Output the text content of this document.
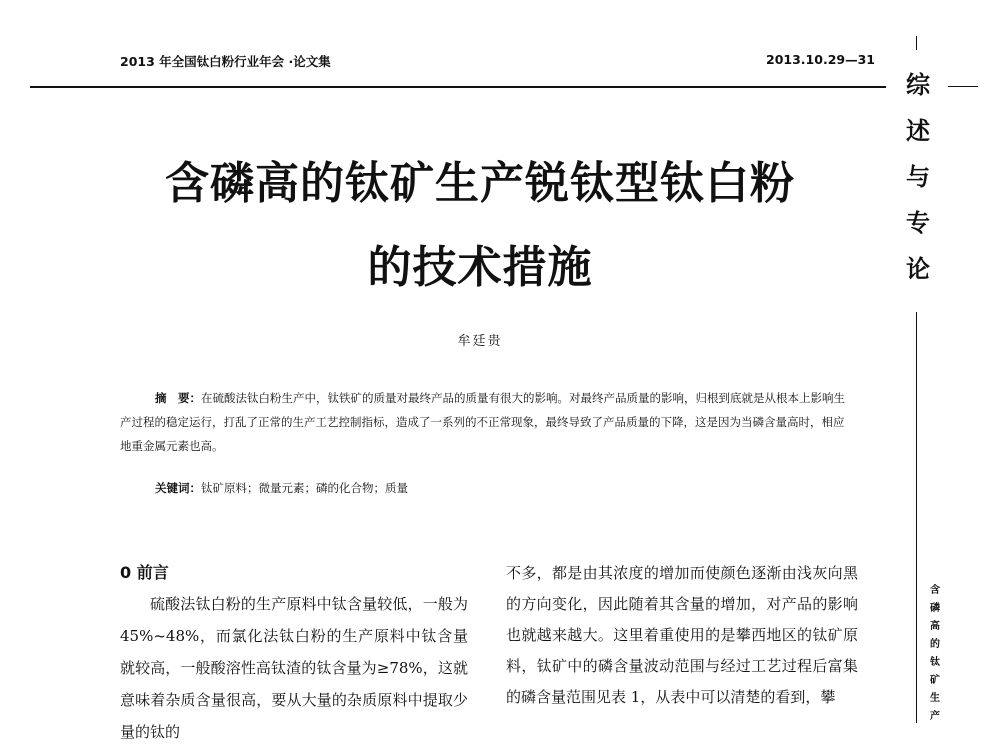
2013 年全国钛白粉行业年会 ·论文集	2013.10.29—31
综
述
与
专
论
含
磷
高
的
钛
矿
生
产
含磷高的钛矿生产锐钛型钛白粉
的技术措施
牟廷贵
摘　要：在硫酸法钛白粉生产中，钛铁矿的质量对最终产品的质量有很大的影响。对最终产品质量的影响，归根到底就是从根本上影响生产过程的稳定运行，打乱了正常的生产工艺控制指标，造成了一系列的不正常现象，最终导致了产品质量的下降，这是因为当磷含量高时，相应地重金属元素也高。
关键词：钛矿原料；微量元素；磷的化合物；质量
0 前言

硫酸法钛白粉的生产原料中钛含量较低，一般为 45%~48%，而氯化法钛白粉的生产原料中钛含量就较高，一般酸溶性高钛渣的钛含量为≥78%，这就意味着杂质含量很高，要从大量的杂质原料中提取少量的钛的

不多，都是由其浓度的增加而使颜色逐渐由浅灰向黑的方向变化，因此随着其含量的增加，对产品的影响也就越来越大。这里着重使用的是攀西地区的钛矿原料，钛矿中的磷含量波动范围与经过工艺过程后富集的磷含量范围见表 1，从表中可以清楚的看到，攀
